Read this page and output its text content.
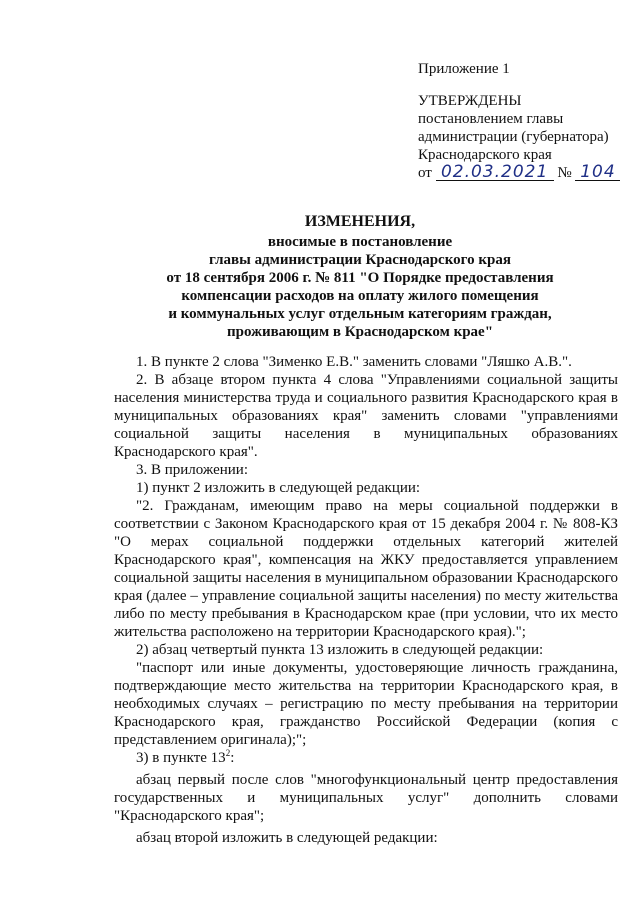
Приложение 1
УТВЕРЖДЕНЫ
постановлением главы
администрации (губернатора)
Краснодарского края
от 02.03.2021 № 104
ИЗМЕНЕНИЯ,
вносимые в постановление
главы администрации Краснодарского края
от 18 сентября 2006 г. № 811 "О Порядке предоставления
компенсации расходов на оплату жилого помещения
и коммунальных услуг отдельным категориям граждан,
проживающим в Краснодарском крае"

1. В пункте 2 слова "Зименко Е.В." заменить словами "Ляшко А.В.".

2. В абзаце втором пункта 4 слова "Управлениями социальной защиты населения министерства труда и социального развития Краснодарского края в муниципальных образованиях края" заменить словами "управлениями социальной защиты населения в муниципальных образованиях Краснодарского края".

3. В приложении:

1) пункт 2 изложить в следующей редакции:

"2. Гражданам, имеющим право на меры социальной поддержки в соответствии с Законом Краснодарского края от 15 декабря 2004 г. № 808-КЗ "О мерах социальной поддержки отдельных категорий жителей Краснодарского края", компенсация на ЖКУ предоставляется управлением социальной защиты населения в муниципальном образовании Краснодарского края (далее – управление социальной защиты населения) по месту жительства либо по месту пребывания в Краснодарском крае (при условии, что их место жительства расположено на территории Краснодарского края).";

2) абзац четвертый пункта 13 изложить в следующей редакции:

"паспорт или иные документы, удостоверяющие личность гражданина, подтверждающие место жительства на территории Краснодарского края, в необходимых случаях – регистрацию по месту пребывания на территории Краснодарского края, гражданство Российской Федерации (копия с представлением оригинала);";

3) в пункте $13^2$:

абзац первый после слов "многофункциональный центр предоставления государственных и муниципальных услуг" дополнить словами "Краснодарского края";

абзац второй изложить в следующей редакции:
